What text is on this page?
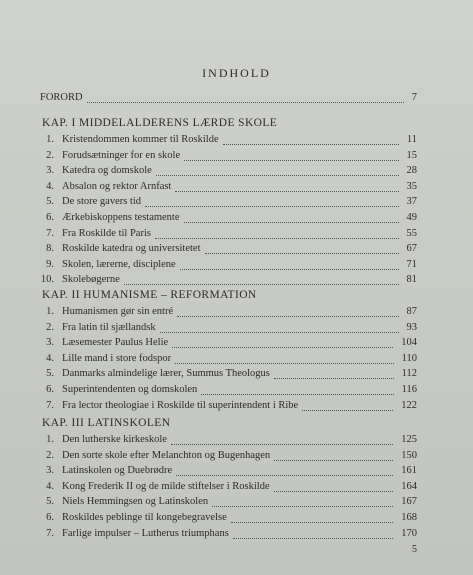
INDHOLD
FORORD	7
KAP. I MIDDELALDERENS LÆRDE SKOLE
1. Kristendommen kommer til Roskilde	11
2. Forudsætninger for en skole	15
3. Katedra og domskole	28
4. Absalon og rektor Arnfast	35
5. De store gavers tid	37
6. Ærkebiskoppens testamente	49
7. Fra Roskilde til Paris	55
8. Roskilde katedra og universitetet	67
9. Skolen, lærerne, disciplene	71
10. Skolebøgerne	81
KAP. II HUMANISME – REFORMATION
1. Humanismen gør sin entré	87
2. Fra latin til sjællandsk	93
3. Læsemester Paulus Helie	104
4. Lille mand i store fodspor	110
5. Danmarks almindelige lærer, Summus Theologus	112
6. Superintendenten og domskolen	116
7. Fra lector theologiae i Roskilde til superintendent i Ribe	122
KAP. III LATINSKOLEN
1. Den lutherske kirkeskole	125
2. Den sorte skole efter Melanchton og Bugenhagen	150
3. Latinskolen og Duebrødre	161
4. Kong Frederik II og de milde stiftelser i Roskilde	164
5. Niels Hemmingsen og Latinskolen	167
6. Roskildes peblinge til kongebegravelse	168
7. Farlige impulser – Lutherus triumphans	170
5
